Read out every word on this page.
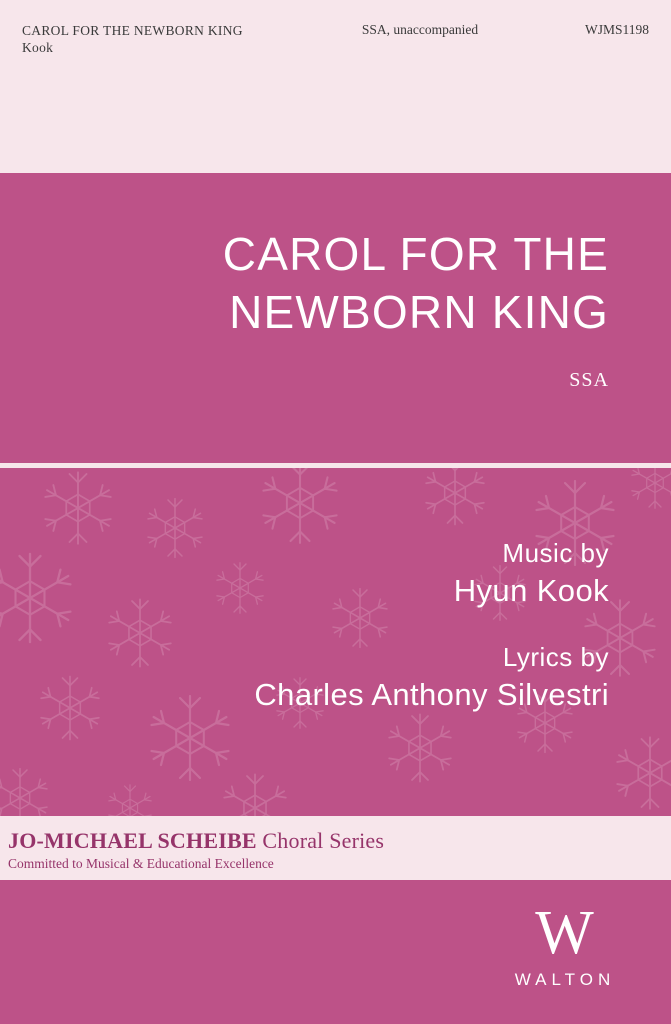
CAROL FOR THE NEWBORN KING
Kook
SSA, unaccompanied	WJMS1198
CAROL FOR THE
NEWBORN KING
SSA
Music by
Hyun Kook
Lyrics by
Charles Anthony Silvestri
JO-MICHAEL SCHEIBE Choral Series
Committed to Musical & Educational Excellence
W
WALTON
